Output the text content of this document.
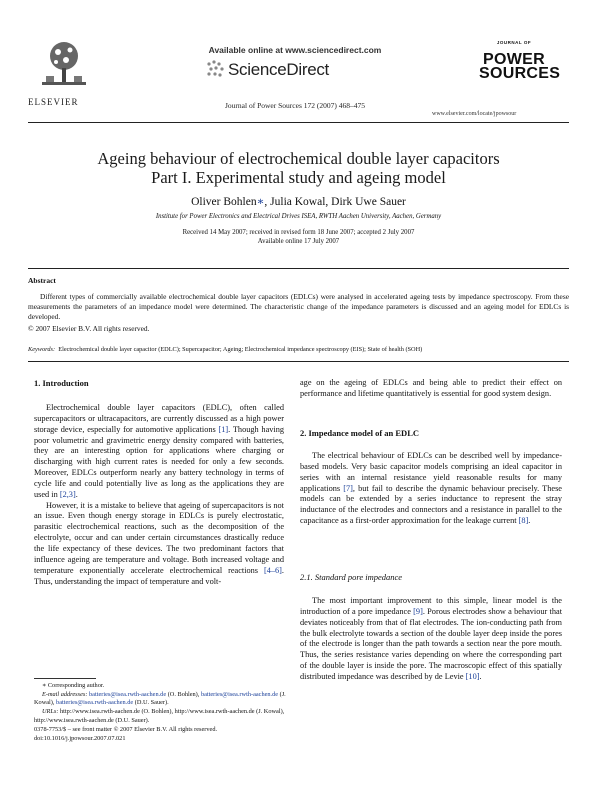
ELSEVIER
Available online at www.sciencedirect.com
ScienceDirect
Journal of Power Sources 172 (2007) 468–475
JOURNAL OF
POWER
SOURCES
www.elsevier.com/locate/jpowsour
Ageing behaviour of electrochemical double layer capacitors
Part I. Experimental study and ageing model
Oliver Bohlen∗, Julia Kowal, Dirk Uwe Sauer
Institute for Power Electronics and Electrical Drives ISEA, RWTH Aachen University, Aachen, Germany
Received 14 May 2007; received in revised form 18 June 2007; accepted 2 July 2007
Available online 17 July 2007
Abstract
Different types of commercially available electrochemical double layer capacitors (EDLCs) were analysed in accelerated ageing tests by impedance spectroscopy. From these measurements the parameters of an impedance model were determined. The characteristic change of the impedance parameters is discussed and an ageing model for EDLCs is developed.
© 2007 Elsevier B.V. All rights reserved.
Keywords: Electrochemical double layer capacitor (EDLC); Supercapacitor; Ageing; Electrochemical impedance spectroscopy (EIS); State of health (SOH)
1. Introduction

Electrochemical double layer capacitors (EDLC), often called supercapacitors or ultracapacitors, are currently discussed as a high power storage device, especially for automotive applications [1]. Though having poor volumetric and gravimetric energy density compared with batteries, they are an interesting option for applications where charging or discharging with high current rates is needed for only a few seconds. Moreover, EDLCs outperform nearly any battery technology in terms of cycle life and could potentially live as long as the applications they are used in [2,3].

However, it is a mistake to believe that ageing of supercapacitors is not an issue. Even though energy storage in EDLCs is purely electrostatic, parasitic electrochemical reactions, such as the decomposition of the electrolyte, occur and can under certain circumstances drastically reduce the life expectancy of these devices. The two predominant factors that influence ageing are temperature and voltage. Both increased voltage and temperature exponentially accelerate electrochemical reactions [4–6]. Thus, understanding the impact of temperature and volt-

∗ Corresponding author.
E-mail addresses: batteries@isea.rwth-aachen.de (O. Bohlen), batteries@isea.rwth-aachen.de (J. Kowal), batteries@isea.rwth-aachen.de (D.U. Sauer).
URLs: http://www.isea.rwth-aachen.de (O. Bohlen), http://www.isea.rwth-aachen.de (J. Kowal), http://www.isea.rwth-aachen.de (D.U. Sauer).
0378-7753/$ – see front matter © 2007 Elsevier B.V. All rights reserved.
doi:10.1016/j.jpowsour.2007.07.021

age on the ageing of EDLCs and being able to predict their effect on performance and lifetime quantitatively is essential for good system design.

2. Impedance model of an EDLC

The electrical behaviour of EDLCs can be described well by impedance-based models. Very basic capacitor models comprising an ideal capacitor in series with an internal resistance yield reasonable results for many applications [7], but fail to describe the dynamic behaviour precisely. These models can be extended by a series inductance to represent the stray inductance of the electrodes and connectors and a resistance in parallel to the capacitance as a first-order approximation for the leakage current [8].

2.1. Standard pore impedance

The most important improvement to this simple, linear model is the introduction of a pore impedance [9]. Porous electrodes show a behaviour that deviates noticeably from that of flat electrodes. The ion-conducting path from the bulk electrolyte towards a section of the double layer deep inside the pores of the electrode is longer than the path towards a section near the pore mouth. Thus, the series resistance varies depending on where the corresponding part of the double layer is inside the pore. The macroscopic effect of this spatially distributed impedance was described by de Levie [10].
